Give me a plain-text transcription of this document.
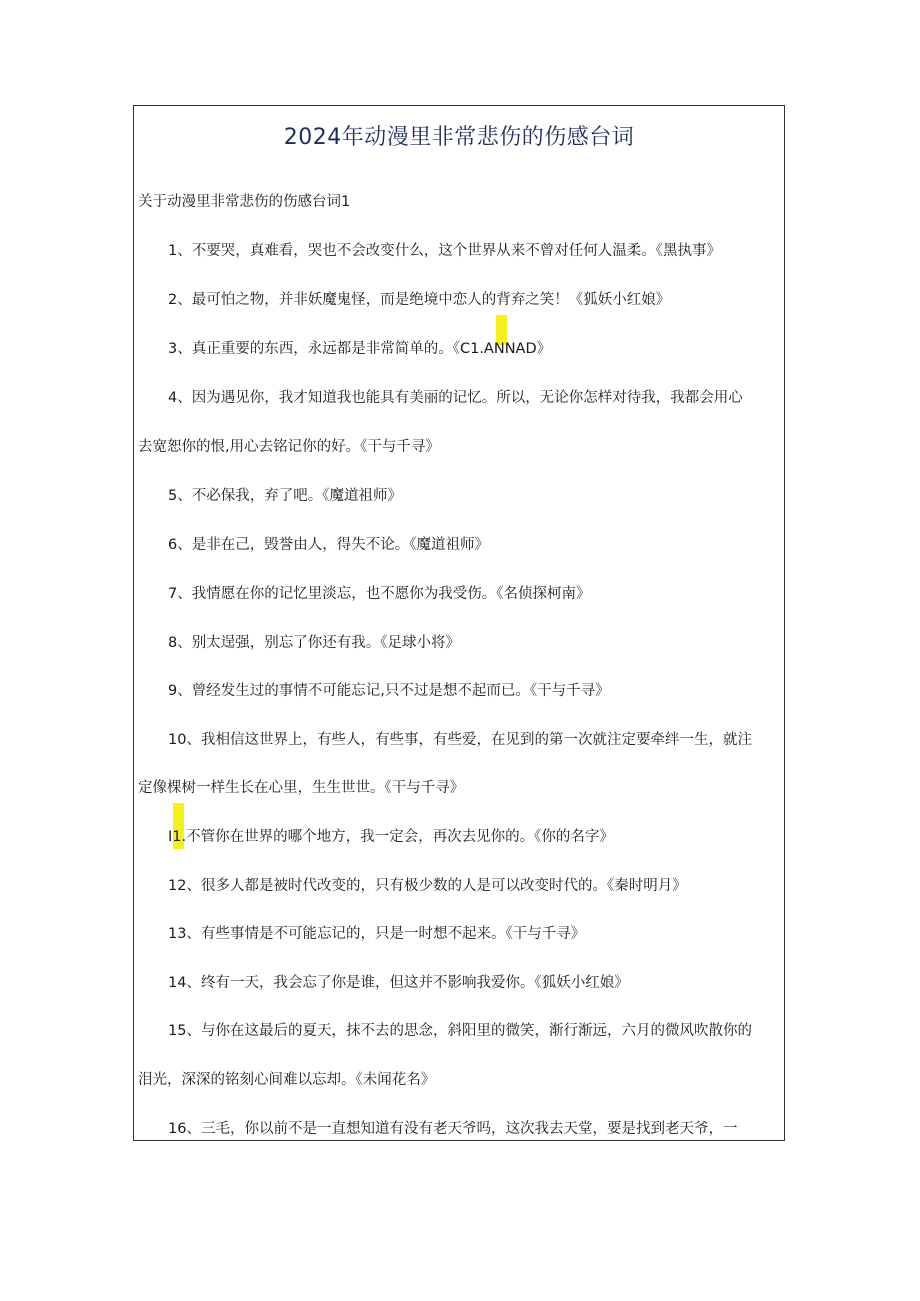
2024年动漫里非常悲伤的伤感台词
关于动漫里非常悲伤的伤感台词1
1、不要哭，真难看，哭也不会改变什么，这个世界从来不曾对任何人温柔。《黑执事》
2、最可怕之物，并非妖魔鬼怪，而是绝境中恋人的背弃之笑！《狐妖小红娘》
3、真正重要的东西，永远都是非常简单的。《C1.ANNAD》
4、因为遇见你，我才知道我也能具有美丽的记忆。所以，无论你怎样对待我，我都会用心
去宽恕你的恨,用心去铭记你的好。《干与千寻》
5、不必保我，弃了吧。《魔道祖师》
6、是非在己，毁誉由人，得失不论。《魔道祖师》
7、我情愿在你的记忆里淡忘，也不愿你为我受伤。《名侦探柯南》
8、别太逞强，别忘了你还有我。《足球小将》
9、曾经发生过的事情不可能忘记,只不过是想不起而已。《干与千寻》
10、我相信这世界上，有些人，有些事，有些爱，在见到的第一次就注定要牵绊一生，就注
定像棵树一样生长在心里，生生世世。《干与千寻》
I1.不管你在世界的哪个地方，我一定会，再次去见你的。《你的名字》
12、很多人都是被时代改变的，只有极少数的人是可以改变时代的。《秦时明月》
13、有些事情是不可能忘记的，只是一时想不起来。《干与千寻》
14、终有一天，我会忘了你是谁，但这并不影响我爱你。《狐妖小红娘》
15、与你在这最后的夏天，抹不去的思念，斜阳里的微笑，渐行渐远，六月的微风吹散你的
泪光，深深的铭刻心间难以忘却。《未闻花名》
16、三毛，你以前不是一直想知道有没有老天爷吗，这次我去天堂，要是找到老天爷，一
